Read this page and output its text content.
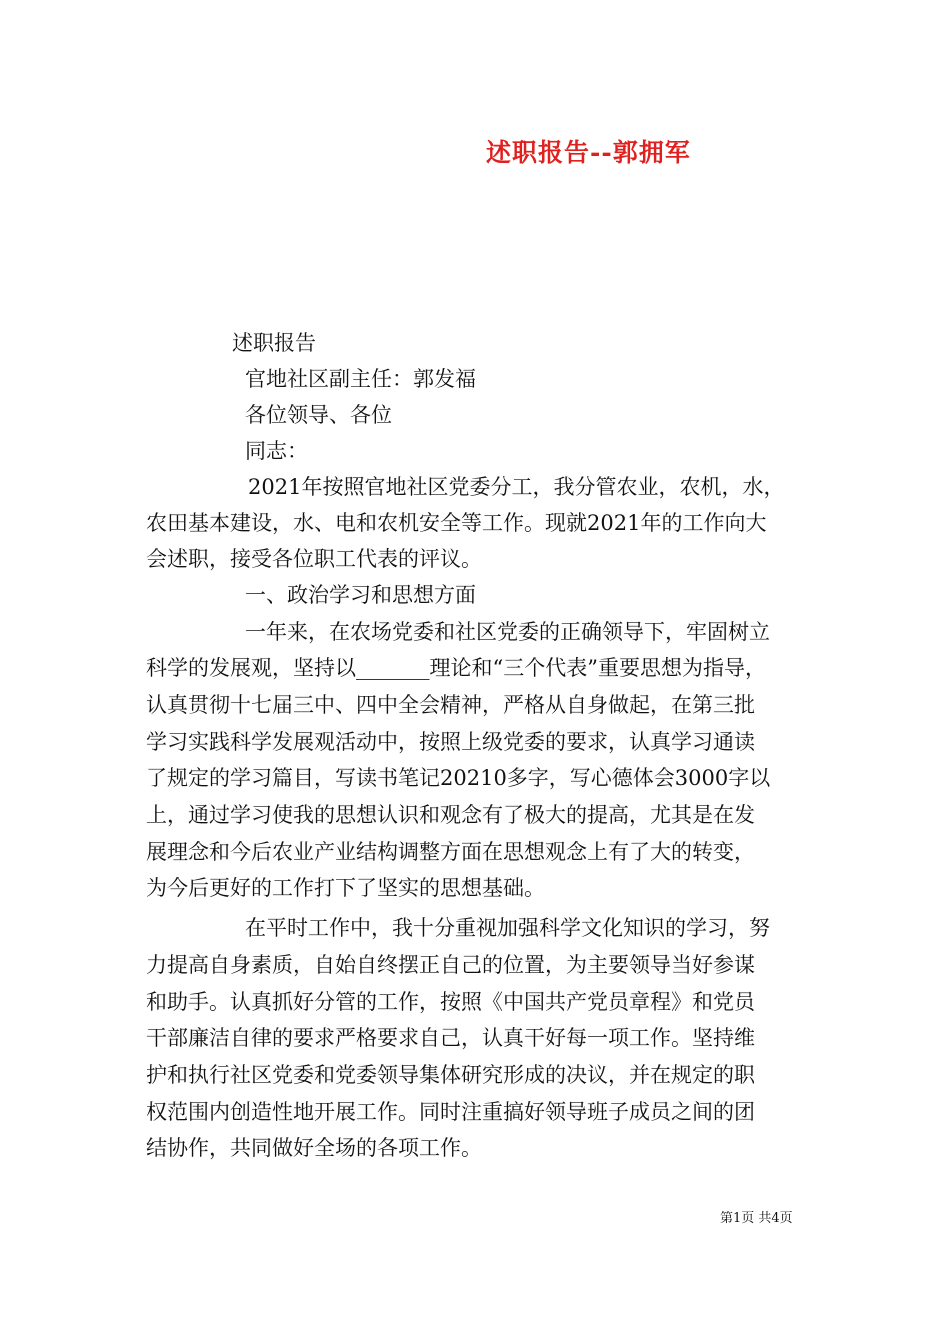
述职报告--郭拥军
述职报告
官地社区副主任：郭发福
各位领导、各位
同志：
2021年按照官地社区党委分工，我分管农业，农机，水，
农田基本建设，水、电和农机安全等工作。现就2021年的工作向大
会述职，接受各位职工代表的评议。
一、政治学习和思想方面
一年来，在农场党委和社区党委的正确领导下，牢固树立
科学的发展观，坚持以_______理论和“三个代表”重要思想为指导，
认真贯彻十七届三中、四中全会精神，严格从自身做起，在第三批
学习实践科学发展观活动中，按照上级党委的要求，认真学习通读
了规定的学习篇目，写读书笔记20210多字，写心德体会3000字以
上，通过学习使我的思想认识和观念有了极大的提高，尤其是在发
展理念和今后农业产业结构调整方面在思想观念上有了大的转变，
为今后更好的工作打下了坚实的思想基础。
在平时工作中，我十分重视加强科学文化知识的学习，努
力提高自身素质，自始自终摆正自己的位置，为主要领导当好参谋
和助手。认真抓好分管的工作，按照《中国共产党员章程》和党员
干部廉洁自律的要求严格要求自己，认真干好每一项工作。坚持维
护和执行社区党委和党委领导集体研究形成的决议，并在规定的职
权范围内创造性地开展工作。同时注重搞好领导班子成员之间的团
结协作，共同做好全场的各项工作。
第1页 共4页
